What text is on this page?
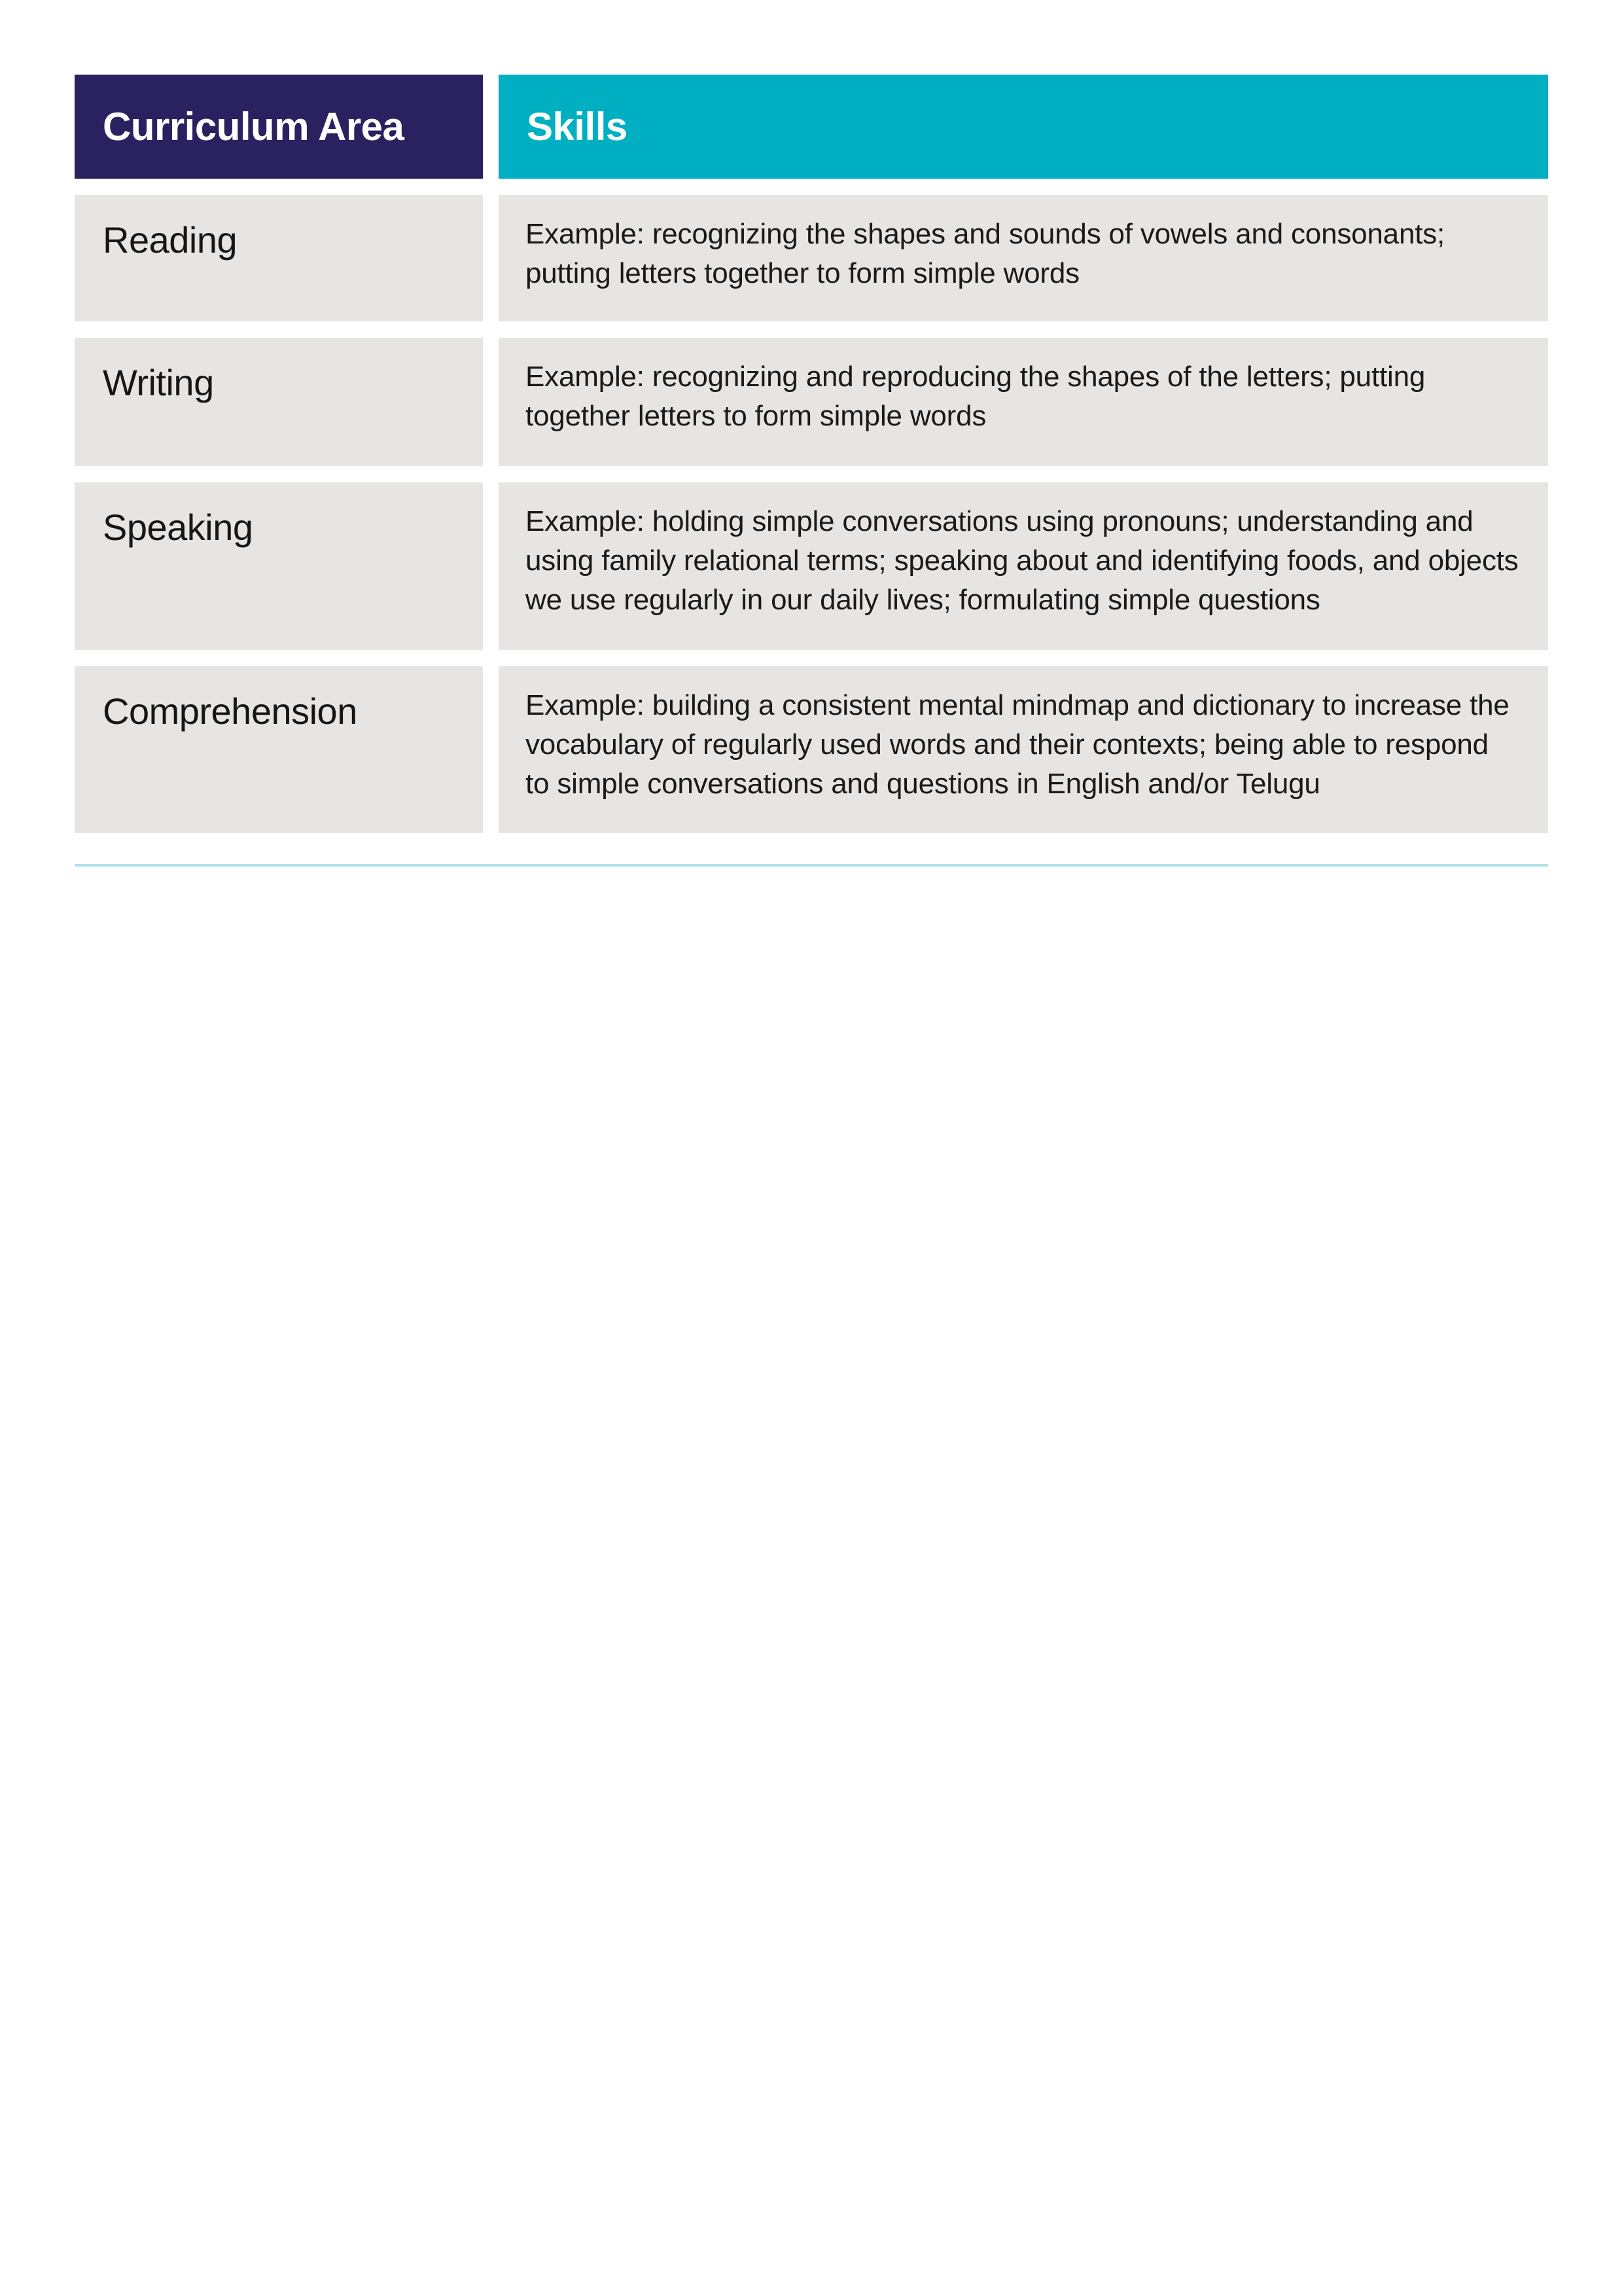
Curriculum Area	Skills
Reading	Example: recognizing the shapes and sounds of vowels and consonants; putting letters together to form simple words
Writing	Example: recognizing and reproducing the shapes of the letters; putting together letters to form simple words
Speaking	Example: holding simple conversations using pronouns; understanding and using family relational terms; speaking about and identifying foods, and objects we use regularly in our daily lives; formulating simple questions
Comprehension	Example: building a consistent mental mindmap and dictionary to increase the vocabulary of regularly used words and their contexts; being able to respond to simple conversations and questions in English and/or Telugu
